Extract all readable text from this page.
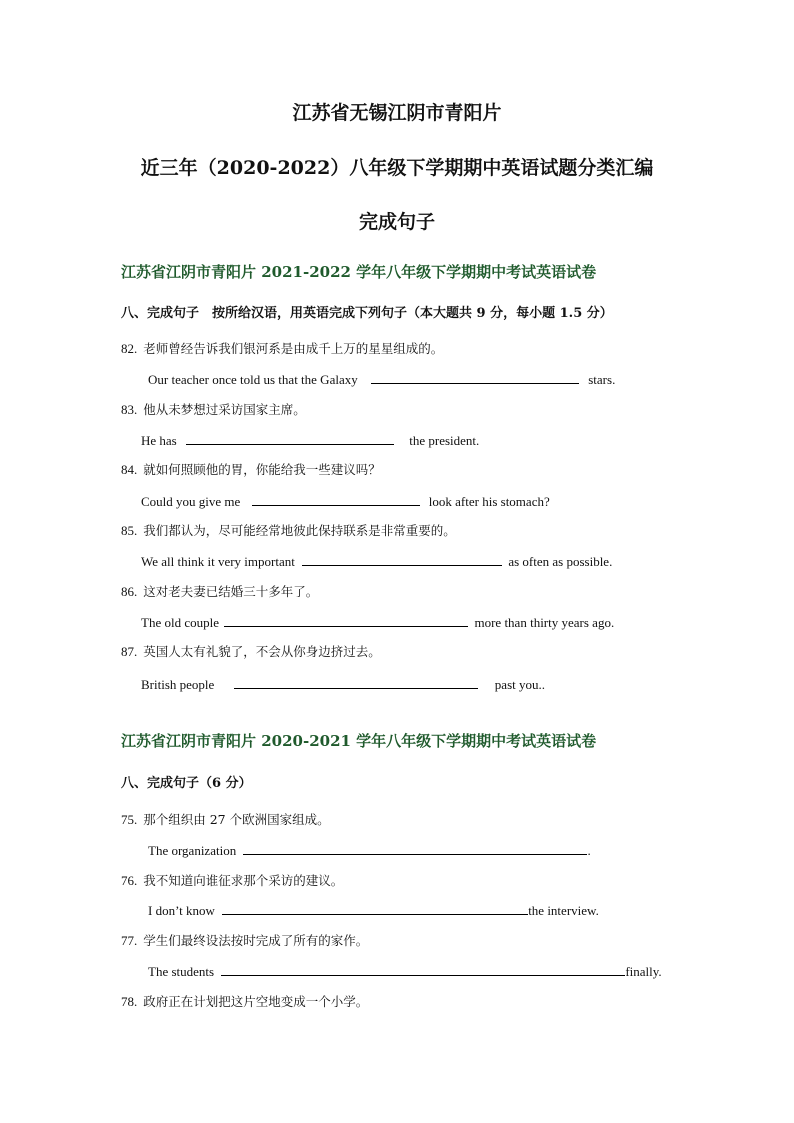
江苏省无锡江阴市青阳片
近三年（2020-2022）八年级下学期期中英语试题分类汇编
完成句子
江苏省江阴市青阳片 2021-2022 学年八年级下学期期中考试英语试卷
八、完成句子　按所给汉语，用英语完成下列句子（本大题共 9 分，每小题 1.5 分）
82. 老师曾经告诉我们银河系是由成千上万的星星组成的。
Our teacher once told us that the Galaxy	stars.
83. 他从未梦想过采访国家主席。
He has	the president.
84. 就如何照顾他的胃，你能给我一些建议吗？
Could you give me	look after his stomach?
85. 我们都认为，尽可能经常地彼此保持联系是非常重要的。
We all think it very important	as often as possible.
86. 这对老夫妻已结婚三十多年了。
The old couple	more than thirty years ago.
87. 英国人太有礼貌了，不会从你身边挤过去。
British people	past you..
江苏省江阴市青阳片 2020-2021 学年八年级下学期期中考试英语试卷
八、完成句子（6 分）
75. 那个组织由 27 个欧洲国家组成。
The organization	.
76. 我不知道向谁征求那个采访的建议。
I don’t know	the interview.
77. 学生们最终设法按时完成了所有的家作。
The students	finally.
78. 政府正在计划把这片空地变成一个小学。
